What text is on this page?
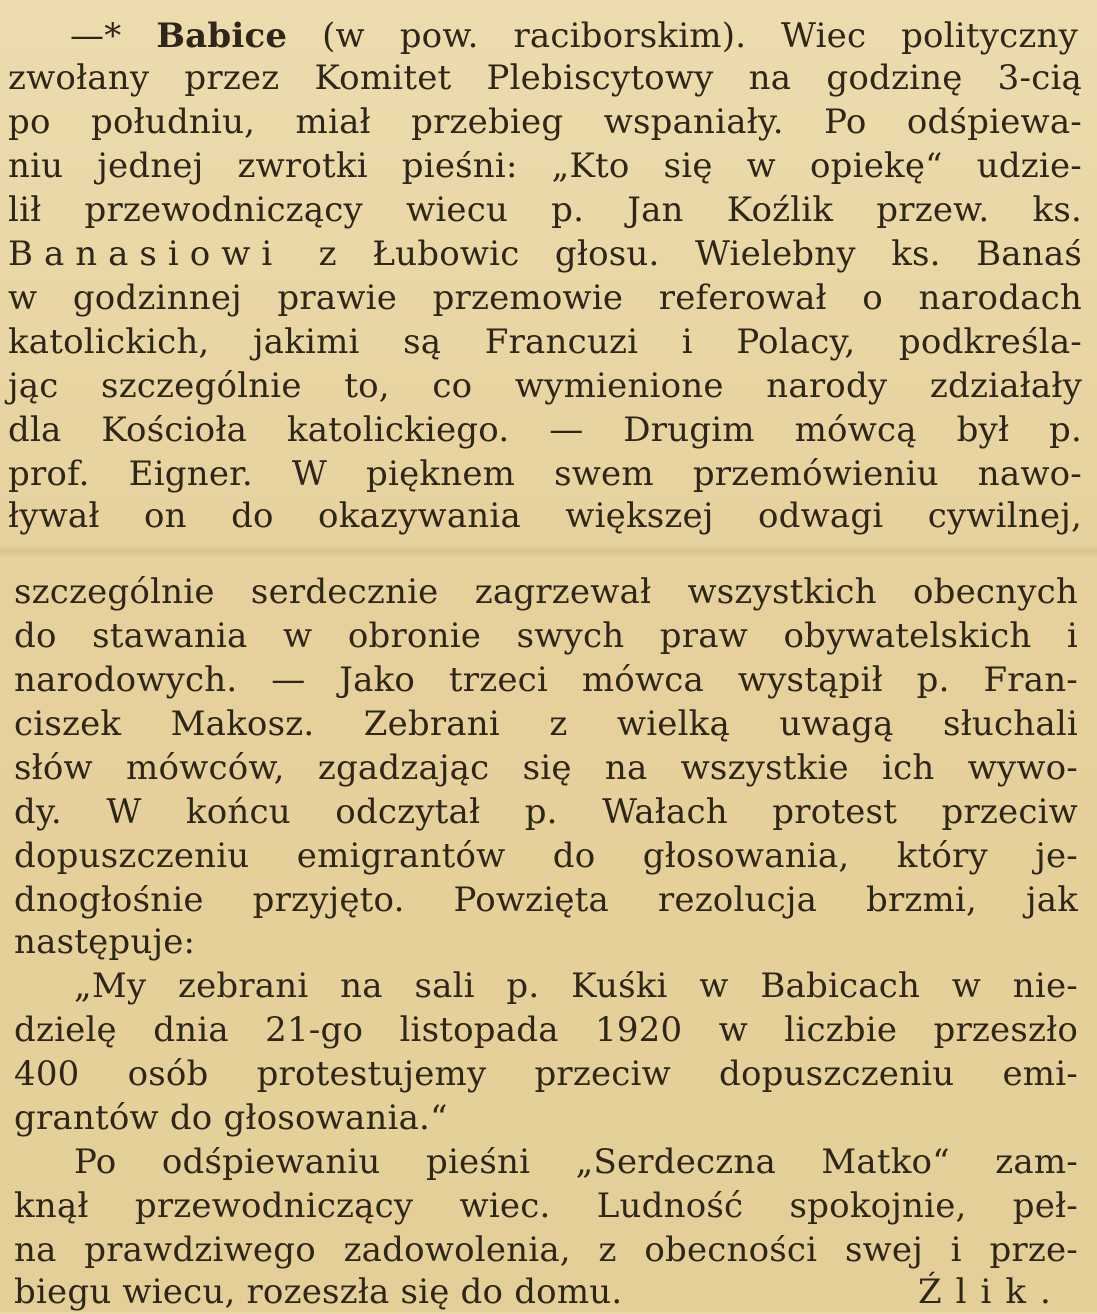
—* Babice (w pow. raciborskim). Wiec polityczny
zwołany przez Komitet Plebiscytowy na godzinę 3-cią
po południu, miał przebieg wspaniały. Po odśpiewa-
niu jednej zwrotki pieśni: „Kto się w opiekę“ udzie-
lił przewodniczący wiecu p. Jan Koźlik przew. ks.
Banasiowi z Łubowic głosu. Wielebny ks. Banaś
w godzinnej prawie przemowie referował o narodach
katolickich, jakimi są Francuzi i Polacy, podkreśla-
jąc szczególnie to, co wymienione narody zdziałały
dla Kościoła katolickiego. — Drugim mówcą był p.
prof. Eigner. W pięknem swem przemówieniu nawo-
ływał on do okazywania większej odwagi cywilnej,
szczególnie serdecznie zagrzewał wszystkich obecnych
do stawania w obronie swych praw obywatelskich i
narodowych. — Jako trzeci mówca wystąpił p. Fran-
ciszek Makosz. Zebrani z wielką uwagą słuchali
słów mówców, zgadzając się na wszystkie ich wywo-
dy. W końcu odczytał p. Wałach protest przeciw
dopuszczeniu emigrantów do głosowania, który je-
dnogłośnie przyjęto. Powzięta rezolucja brzmi, jak
następuje:
„My zebrani na sali p. Kuśki w Babicach w nie-
dzielę dnia 21-go listopada 1920 w liczbie przeszło
400 osób protestujemy przeciw dopuszczeniu emi-
grantów do głosowania.“
Po odśpiewaniu pieśni „Serdeczna Matko“ zam-
knął przewodniczący wiec. Ludność spokojnie, peł-
na prawdziwego zadowolenia, z obecności swej i prze-
biegu wiecu, rozeszła się do domu.	Źlik.
